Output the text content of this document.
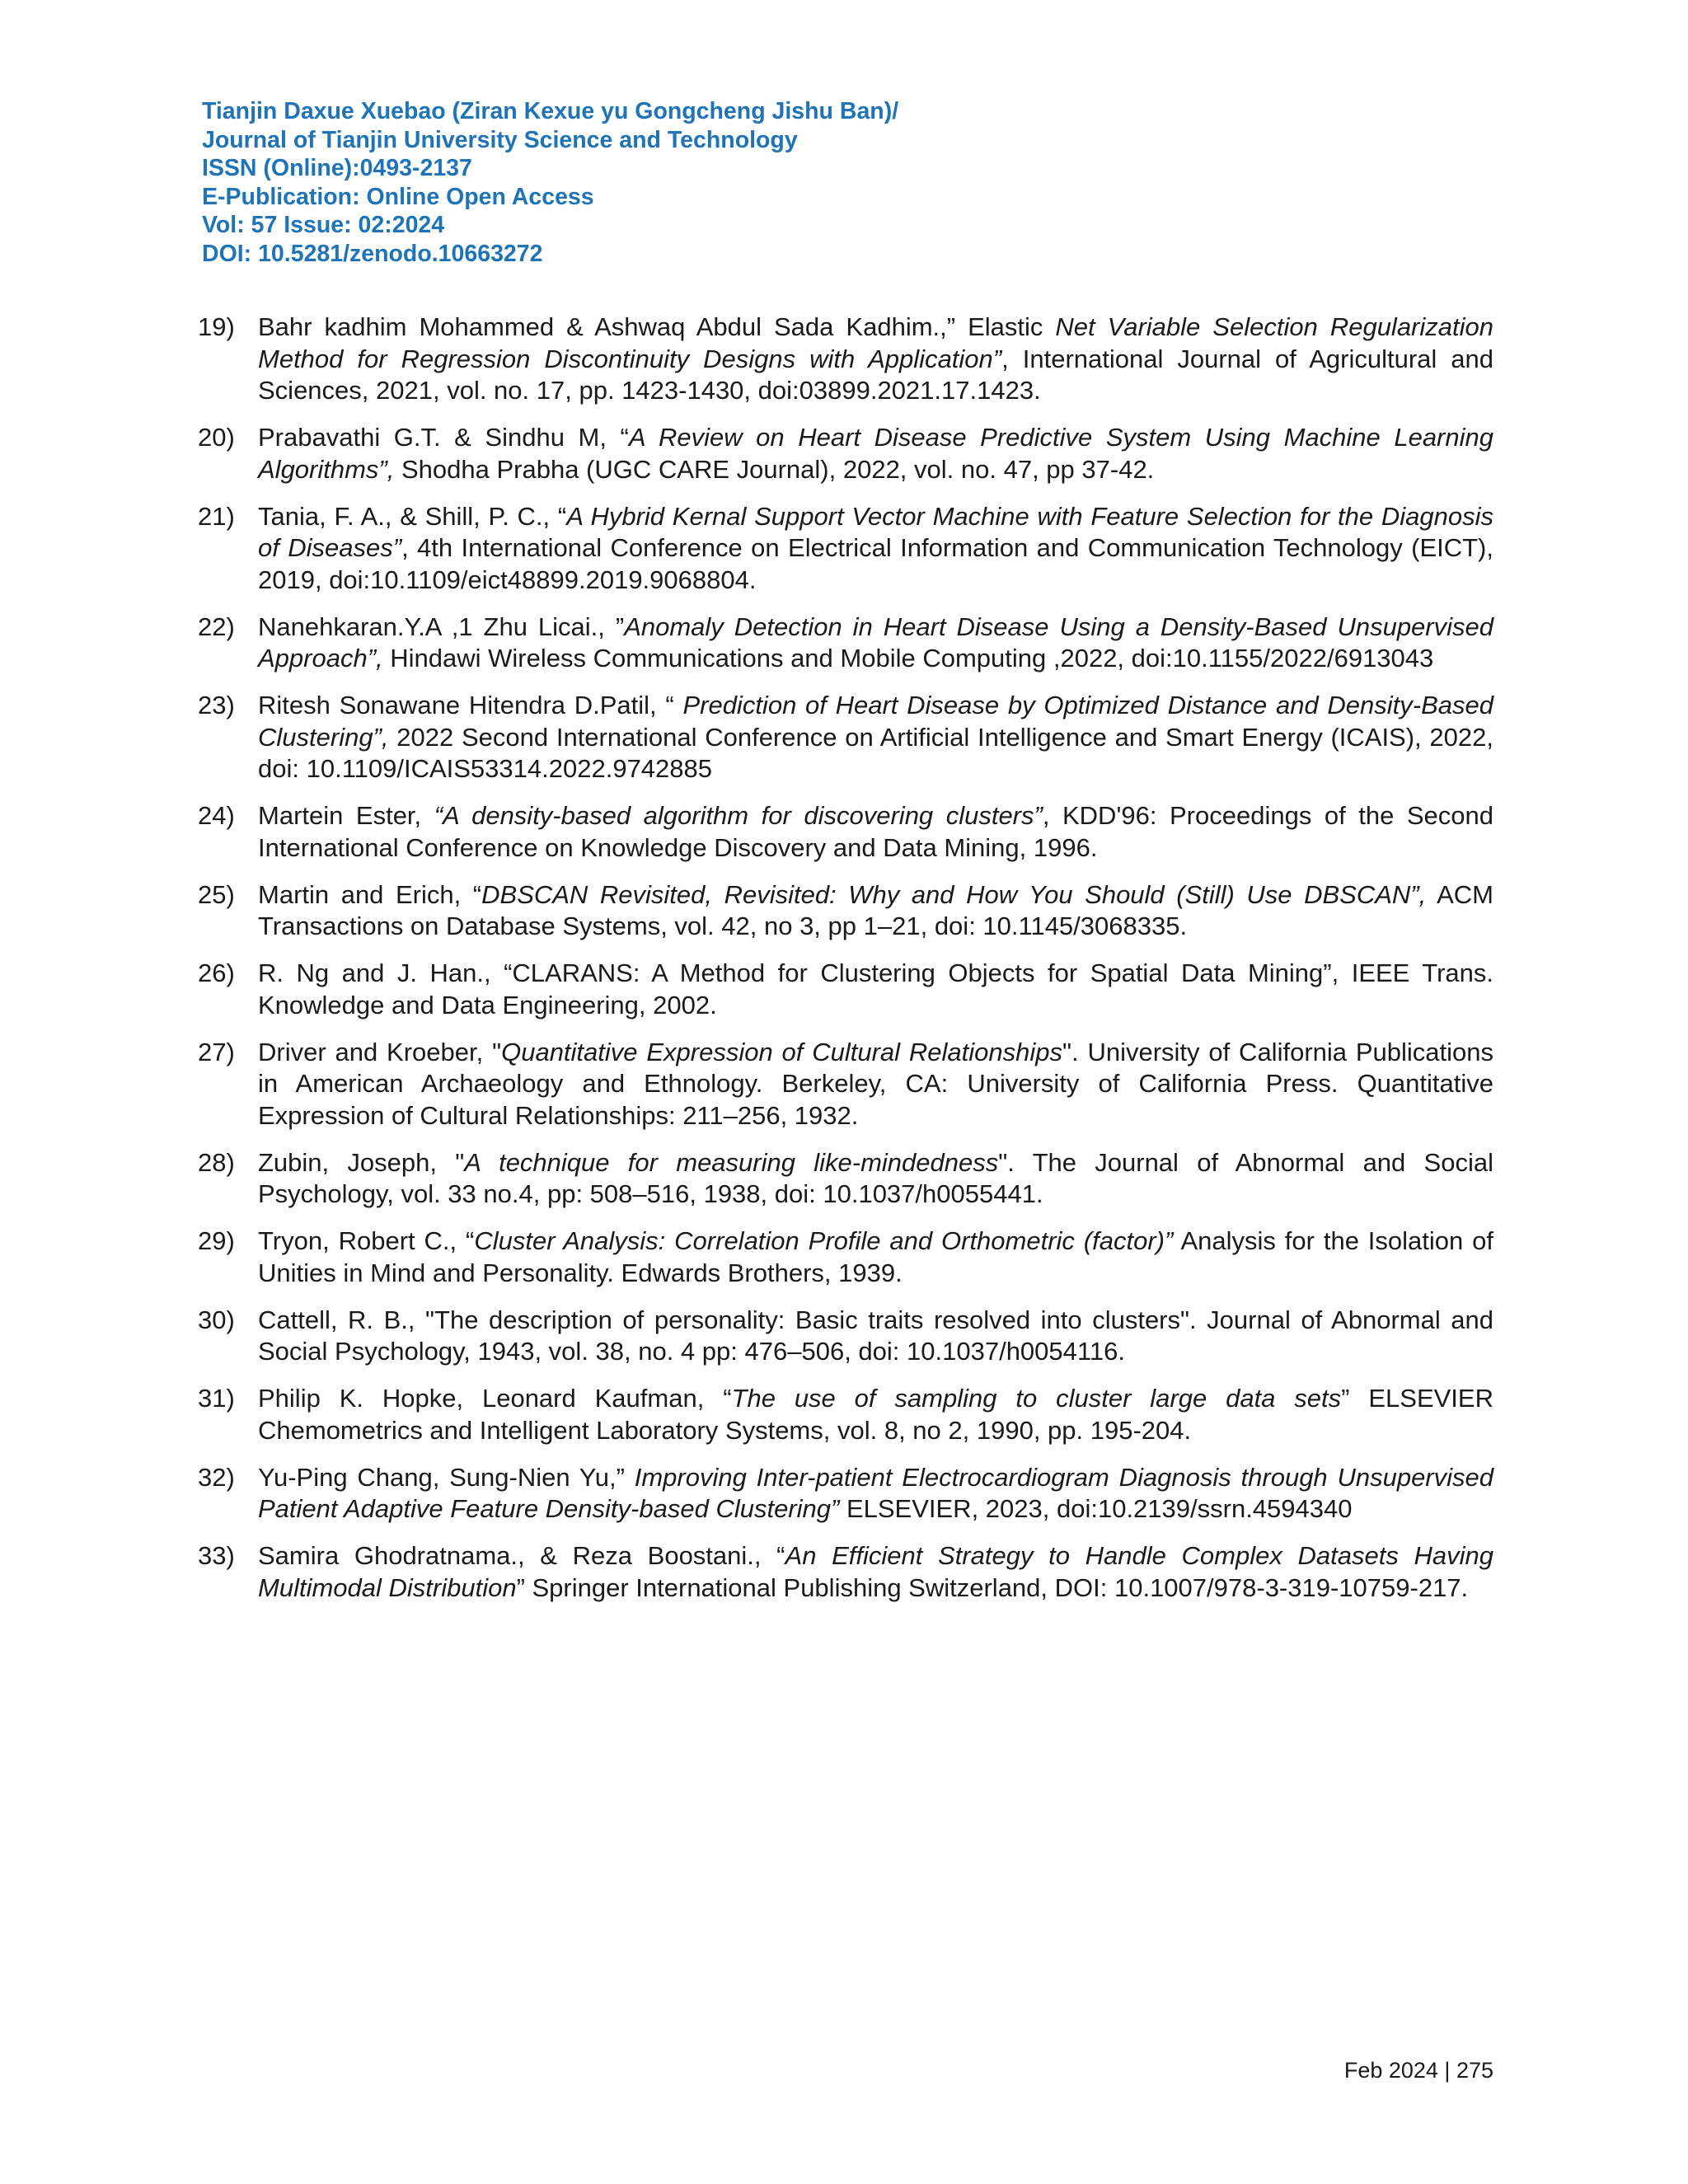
Tianjin Daxue Xuebao (Ziran Kexue yu Gongcheng Jishu Ban)/
Journal of Tianjin University Science and Technology
ISSN (Online):0493-2137
E-Publication: Online Open Access
Vol: 57 Issue: 02:2024
DOI: 10.5281/zenodo.10663272
19) Bahr kadhim Mohammed & Ashwaq Abdul Sada Kadhim.,” Elastic Net Variable Selection Regularization Method for Regression Discontinuity Designs with Application”, International Journal of Agricultural and Sciences, 2021, vol. no. 17, pp. 1423-1430, doi:03899.2021.17.1423.
20) Prabavathi G.T. & Sindhu M, “A Review on Heart Disease Predictive System Using Machine Learning Algorithms”, Shodha Prabha (UGC CARE Journal), 2022, vol. no. 47, pp 37-42.
21) Tania, F. A., & Shill, P. C., “A Hybrid Kernal Support Vector Machine with Feature Selection for the Diagnosis of Diseases”, 4th International Conference on Electrical Information and Communication Technology (EICT), 2019, doi:10.1109/eict48899.2019.9068804.
22) Nanehkaran.Y.A ,1 Zhu Licai., ”Anomaly Detection in Heart Disease Using a Density-Based Unsupervised Approach”, Hindawi Wireless Communications and Mobile Computing ,2022, doi:10.1155/2022/6913043
23) Ritesh Sonawane Hitendra D.Patil, “ Prediction of Heart Disease by Optimized Distance and Density-Based Clustering”, 2022 Second International Conference on Artificial Intelligence and Smart Energy (ICAIS), 2022, doi: 10.1109/ICAIS53314.2022.9742885
24) Martein Ester, “A density-based algorithm for discovering clusters”, KDD'96: Proceedings of the Second International Conference on Knowledge Discovery and Data Mining, 1996.
25) Martin and Erich, “DBSCAN Revisited, Revisited: Why and How You Should (Still) Use DBSCAN”, ACM Transactions on Database Systems, vol. 42, no 3, pp 1–21, doi: 10.1145/3068335.
26) R. Ng and J. Han., “CLARANS: A Method for Clustering Objects for Spatial Data Mining”, IEEE Trans. Knowledge and Data Engineering, 2002.
27) Driver and Kroeber, "Quantitative Expression of Cultural Relationships". University of California Publications in American Archaeology and Ethnology. Berkeley, CA: University of California Press. Quantitative Expression of Cultural Relationships: 211–256, 1932.
28) Zubin, Joseph, "A technique for measuring like-mindedness". The Journal of Abnormal and Social Psychology, vol. 33 no.4, pp: 508–516, 1938, doi: 10.1037/h0055441.
29) Tryon, Robert C., “Cluster Analysis: Correlation Profile and Orthometric (factor)” Analysis for the Isolation of Unities in Mind and Personality. Edwards Brothers, 1939.
30) Cattell, R. B., "The description of personality: Basic traits resolved into clusters". Journal of Abnormal and Social Psychology, 1943, vol. 38, no. 4 pp: 476–506, doi: 10.1037/h0054116.
31) Philip K. Hopke, Leonard Kaufman, “The use of sampling to cluster large data sets” ELSEVIER Chemometrics and Intelligent Laboratory Systems, vol. 8, no 2, 1990, pp. 195-204.
32) Yu-Ping Chang, Sung-Nien Yu,” Improving Inter-patient Electrocardiogram Diagnosis through Unsupervised Patient Adaptive Feature Density-based Clustering” ELSEVIER, 2023, doi:10.2139/ssrn.4594340
33) Samira Ghodratnama., & Reza Boostani., “An Efficient Strategy to Handle Complex Datasets Having Multimodal Distribution” Springer International Publishing Switzerland, DOI: 10.1007/978-3-319-10759-217.
Feb 2024 | 275
